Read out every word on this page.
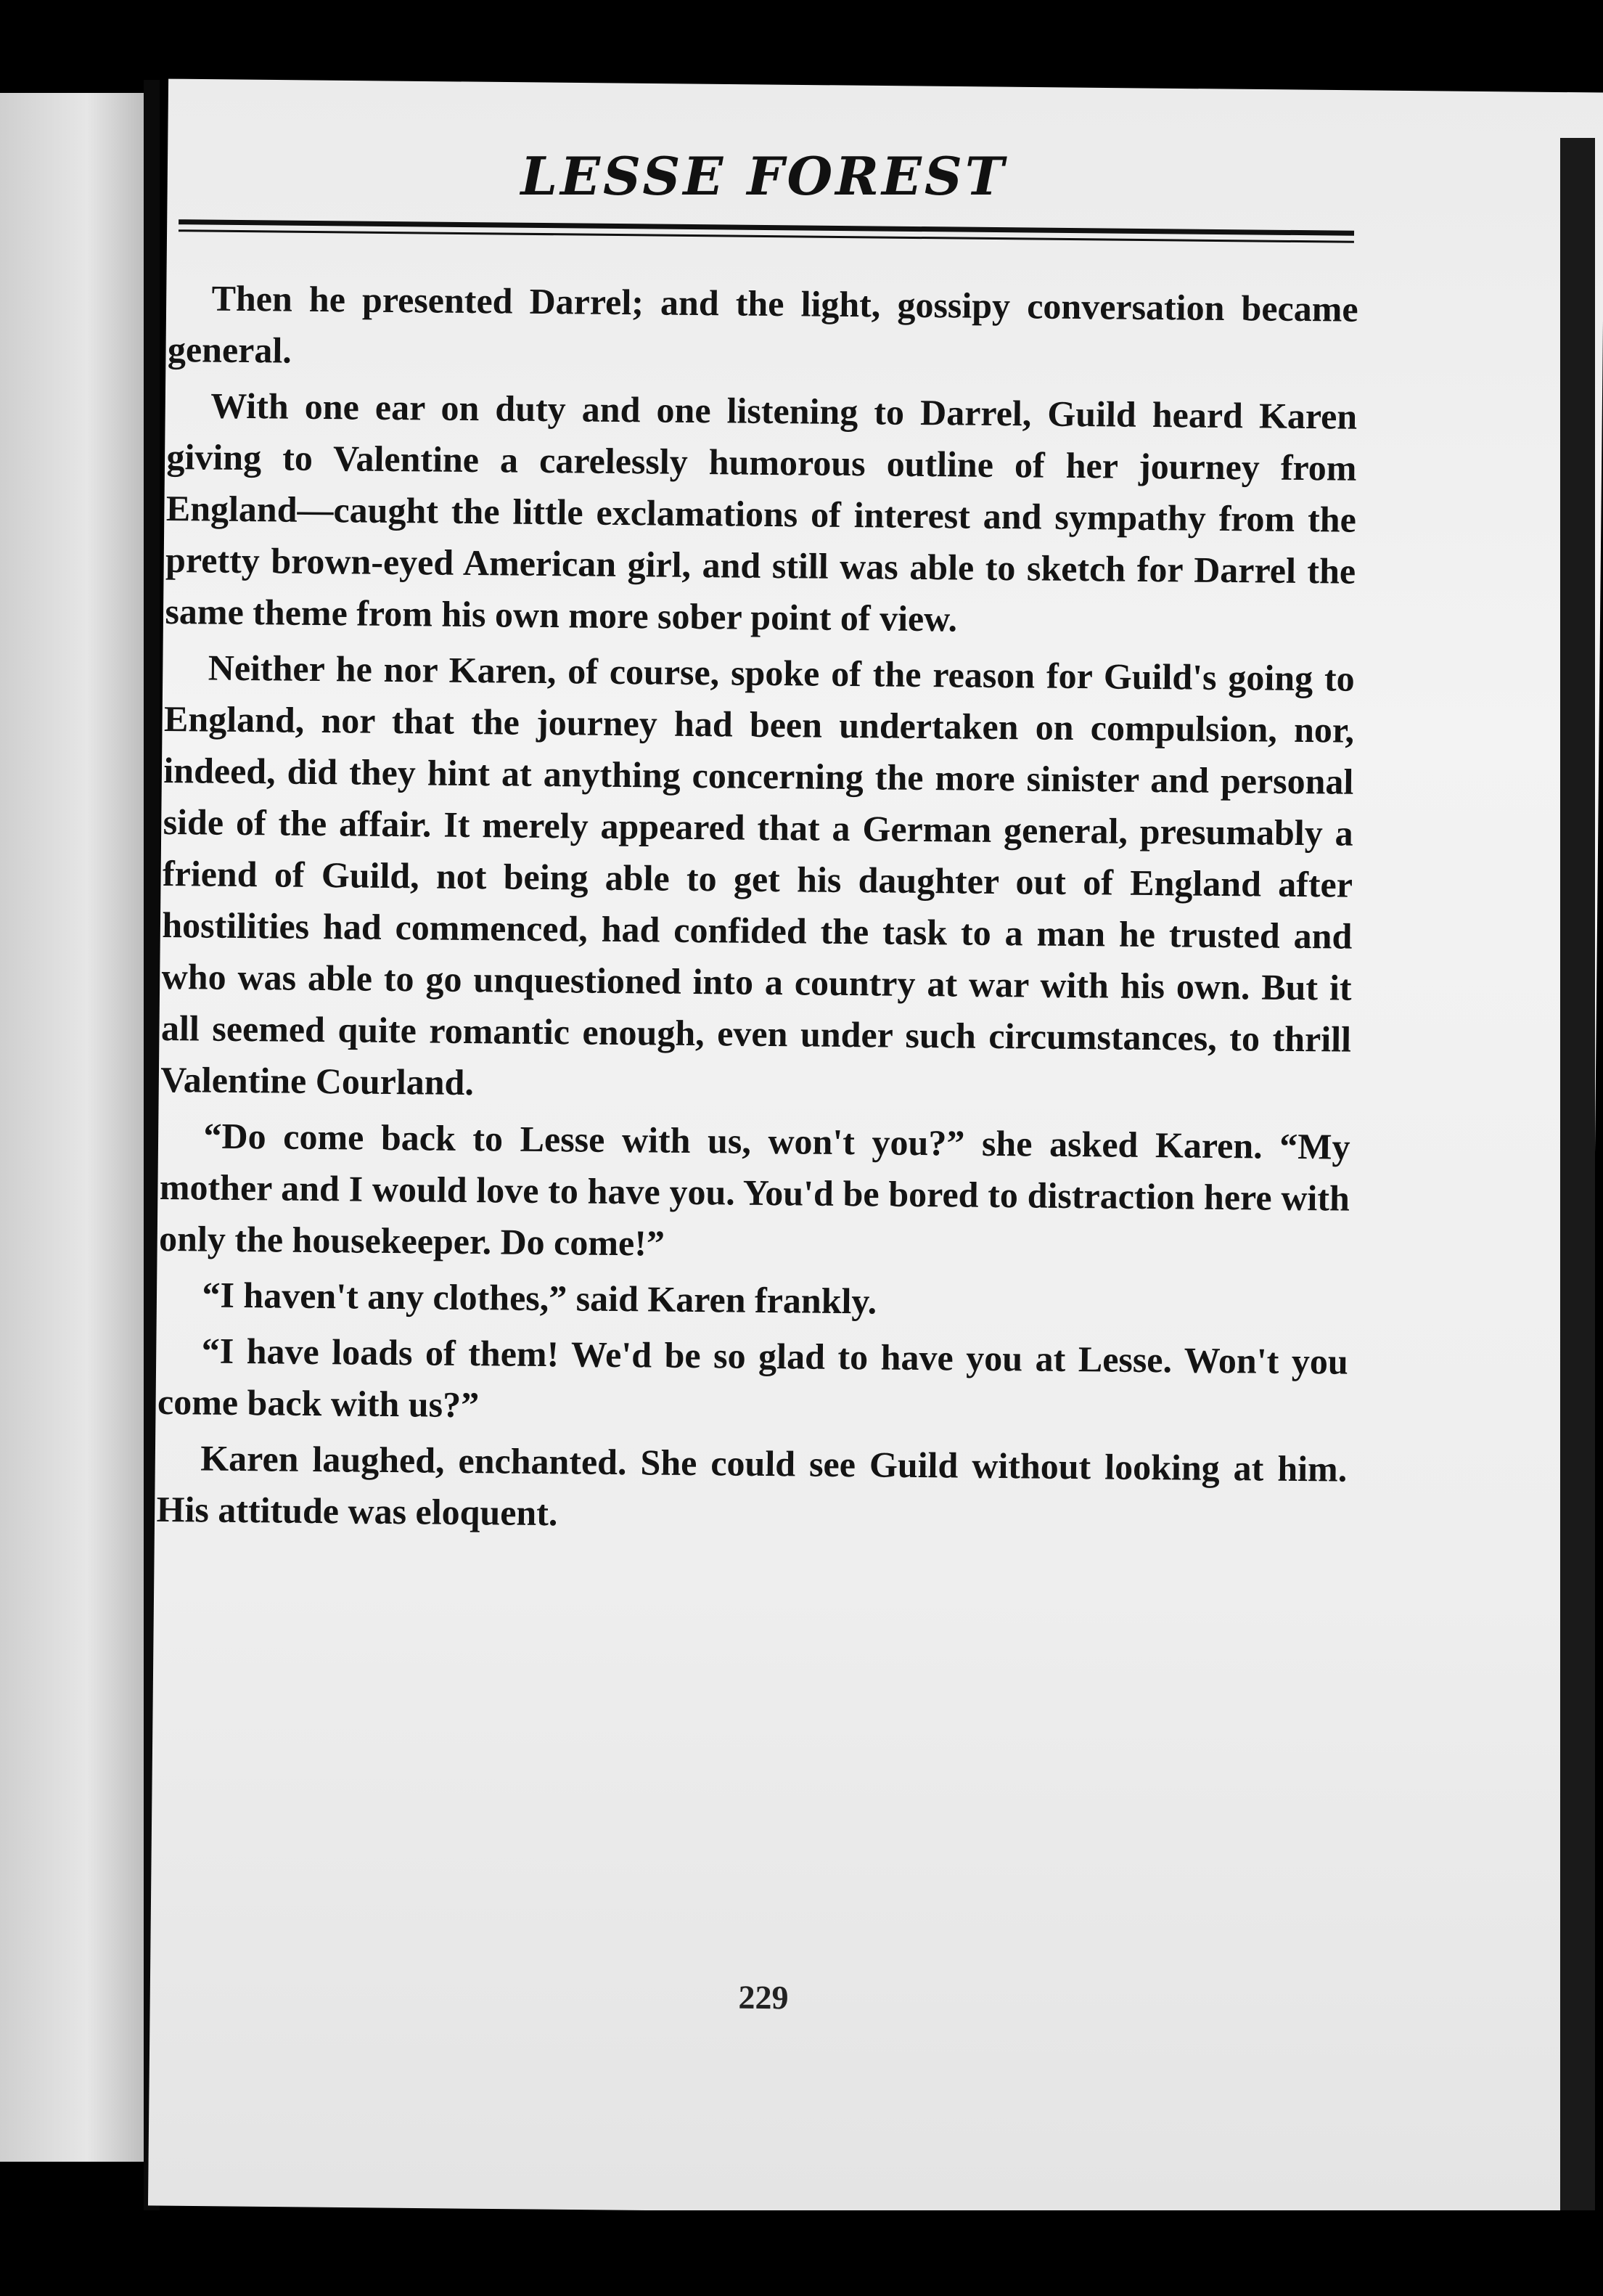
LESSE FOREST

Then he presented Darrel; and the light, gossipy conversation became general.

With one ear on duty and one listening to Darrel, Guild heard Karen giving to Valentine a carelessly humorous outline of her journey from England—caught the little exclamations of interest and sympathy from the pretty brown-eyed American girl, and still was able to sketch for Darrel the same theme from his own more sober point of view.

Neither he nor Karen, of course, spoke of the reason for Guild's going to England, nor that the journey had been undertaken on compulsion, nor, indeed, did they hint at anything concerning the more sinister and personal side of the affair. It merely appeared that a German general, presumably a friend of Guild, not being able to get his daughter out of England after hostilities had commenced, had confided the task to a man he trusted and who was able to go unquestioned into a country at war with his own. But it all seemed quite romantic enough, even under such circumstances, to thrill Valentine Courland.

“Do come back to Lesse with us, won't you?” she asked Karen. “My mother and I would love to have you. You'd be bored to distraction here with only the housekeeper. Do come!”

“I haven't any clothes,” said Karen frankly.

“I have loads of them! We'd be so glad to have you at Lesse. Won't you come back with us?”

Karen laughed, enchanted. She could see Guild without looking at him. His attitude was eloquent.

229
